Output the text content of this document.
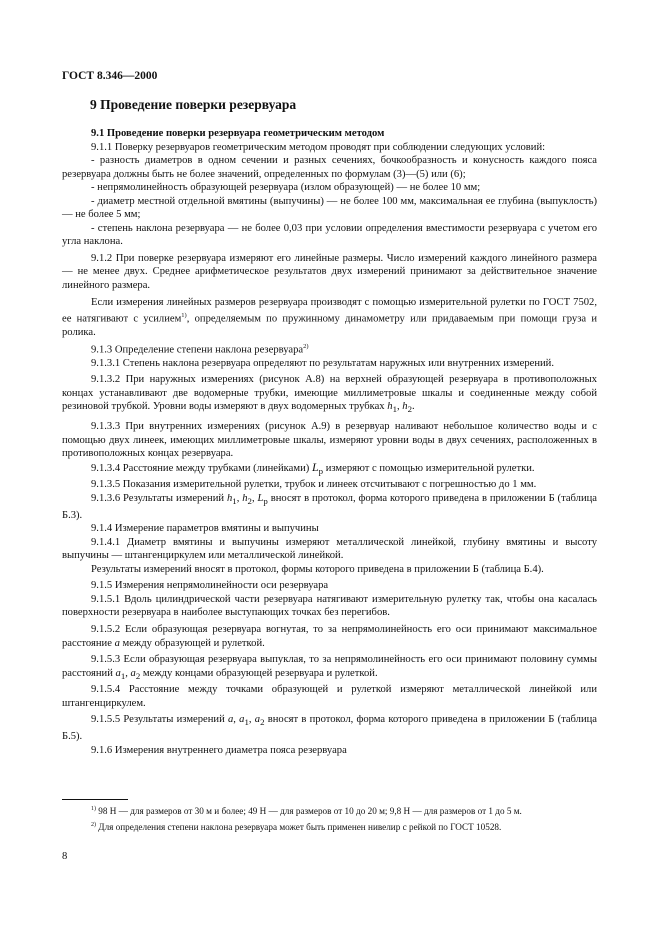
ГОСТ 8.346—2000
9 Проведение поверки резервуара

9.1 Проведение поверки резервуара геометрическим методом

9.1.1 Поверку резервуаров геометрическим методом проводят при соблюдении следующих условий:

- разность диаметров в одном сечении и разных сечениях, бочкообразность и конусность каждого пояса резервуара должны быть не более значений, определенных по формулам (3)—(5) или (6);

- непрямолинейность образующей резервуара (излом образующей) — не более 10 мм;

- диаметр местной отдельной вмятины (выпучины) — не более 100 мм, максимальная ее глубина (выпуклость) — не более 5 мм;

- степень наклона резервуара — не более 0,03 при условии определения вместимости резервуара с учетом его угла наклона.

9.1.2 При поверке резервуара измеряют его линейные размеры. Число измерений каждого линейного размера — не менее двух. Среднее арифметическое результатов двух измерений принимают за действительное значение линейного размера.

Если измерения линейных размеров резервуара производят с помощью измерительной рулетки по ГОСТ 7502, ее натягивают с усилием$^{1)}$, определяемым по пружинному динамометру или придаваемым при помощи груза и ролика.

9.1.3 Определение степени наклона резервуара$^{2)}$

9.1.3.1 Степень наклона резервуара определяют по результатам наружных или внутренних измерений.

9.1.3.2 При наружных измерениях (рисунок А.8) на верхней образующей резервуара в противоположных концах устанавливают две водомерные трубки, имеющие миллиметровые шкалы и соединенные между собой резиновой трубкой. Уровни воды измеряют в двух водомерных трубках $h_1$, $h_2$.

9.1.3.3 При внутренних измерениях (рисунок А.9) в резервуар наливают небольшое количество воды и с помощью двух линеек, имеющих миллиметровые шкалы, измеряют уровни воды в двух сечениях, расположенных в противоположных концах резервуара.

9.1.3.4 Расстояние между трубками (линейками) $L_р$ измеряют с помощью измерительной рулетки.

9.1.3.5 Показания измерительной рулетки, трубок и линеек отсчитывают с погрешностью до 1 мм.

9.1.3.6 Результаты измерений $h_1$, $h_2$, $L_р$ вносят в протокол, форма которого приведена в приложении Б (таблица Б.3).

9.1.4 Измерение параметров вмятины и выпучины

9.1.4.1 Диаметр вмятины и выпучины измеряют металлической линейкой, глубину вмятины и высоту выпучины — штангенциркулем или металлической линейкой.

Результаты измерений вносят в протокол, формы которого приведена в приложении Б (таблица Б.4).

9.1.5 Измерения непрямолинейности оси резервуара

9.1.5.1 Вдоль цилиндрической части резервуара натягивают измерительную рулетку так, чтобы она касалась поверхности резервуара в наиболее выступающих точках без перегибов.

9.1.5.2 Если образующая резервуара вогнутая, то за непрямолинейность его оси принимают максимальное расстояние a между образующей и рулеткой.

9.1.5.3 Если образующая резервуара выпуклая, то за непрямолинейность его оси принимают половину суммы расстояний $a_1$, $a_2$ между концами образующей резервуара и рулеткой.

9.1.5.4 Расстояние между точками образующей и рулеткой измеряют металлической линейкой или штангенциркулем.

9.1.5.5 Результаты измерений a, $a_1$, $a_2$ вносят в протокол, форма которого приведена в приложении Б (таблица Б.5).

9.1.6 Измерения внутреннего диаметра пояса резервуара

$^{1)}$ 98 Н — для размеров от 30 м и более; 49 Н — для размеров от 10 до 20 м; 9,8 Н — для размеров от 1 до 5 м.

$^{2)}$ Для определения степени наклона резервуара может быть применен нивелир с рейкой по ГОСТ 10528.

8
